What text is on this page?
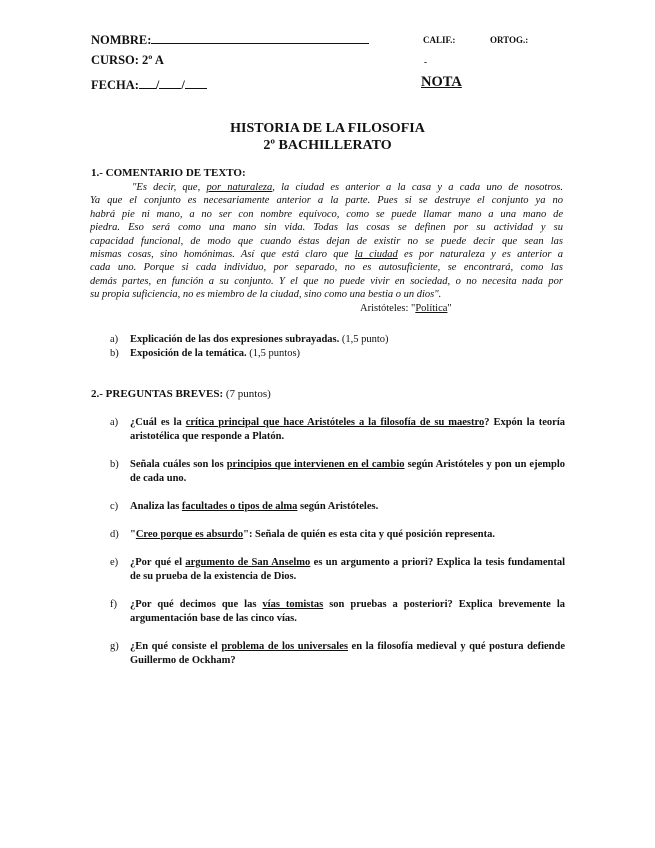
NOMBRE:	CALIF.:	ORTOG.:
CURSO: 2º A	-
FECHA: / /	NOTA
HISTORIA DE LA FILOSOFIA
2º BACHILLERATO
1.- COMENTARIO DE TEXTO:
"Es decir, que, por naturaleza, la ciudad es anterior a la casa y a cada uno de nosotros.
Ya que el conjunto es necesariamente anterior a la parte. Pues si se destruye el conjunto ya no
habrá pie ni mano, a no ser con nombre equívoco, como se puede llamar mano a una mano de
piedra. Eso será como una mano sin vida. Todas las cosas se definen por su actividad y su
capacidad funcional, de modo que cuando éstas dejan de existir no se puede decir que sean las
mismas cosas, sino homónimas. Así que está claro que la ciudad es por naturaleza y es anterior a
cada uno. Porque si cada individuo, por separado, no es autosuficiente, se encontrará, como las
demás partes, en función a su conjunto. Y el que no puede vivir en sociedad, o no necesita nada por
su propia suficiencia, no es miembro de la ciudad, sino como una bestia o un dios".
Aristóteles: "Política"
a) Explicación de las dos expresiones subrayadas. (1,5 punto)
b) Exposición de la temática. (1,5 puntos)
2.- PREGUNTAS BREVES: (7 puntos)
a) ¿Cuál es la crítica principal que hace Aristóteles a la filosofía de su maestro? Expón la teoría aristotélica que responde a Platón.
b) Señala cuáles son los principios que intervienen en el cambio según Aristóteles y pon un ejemplo de cada uno.
c) Analiza las facultades o tipos de alma según Aristóteles.
d) "Creo porque es absurdo": Señala de quién es esta cita y qué posición representa.
e) ¿Por qué el argumento de San Anselmo es un argumento a priori? Explica la tesis fundamental de su prueba de la existencia de Dios.
f) ¿Por qué decimos que las vías tomistas son pruebas a posteriori? Explica brevemente la argumentación base de las cinco vías.
g) ¿En qué consiste el problema de los universales en la filosofía medieval y qué postura defiende Guillermo de Ockham?
